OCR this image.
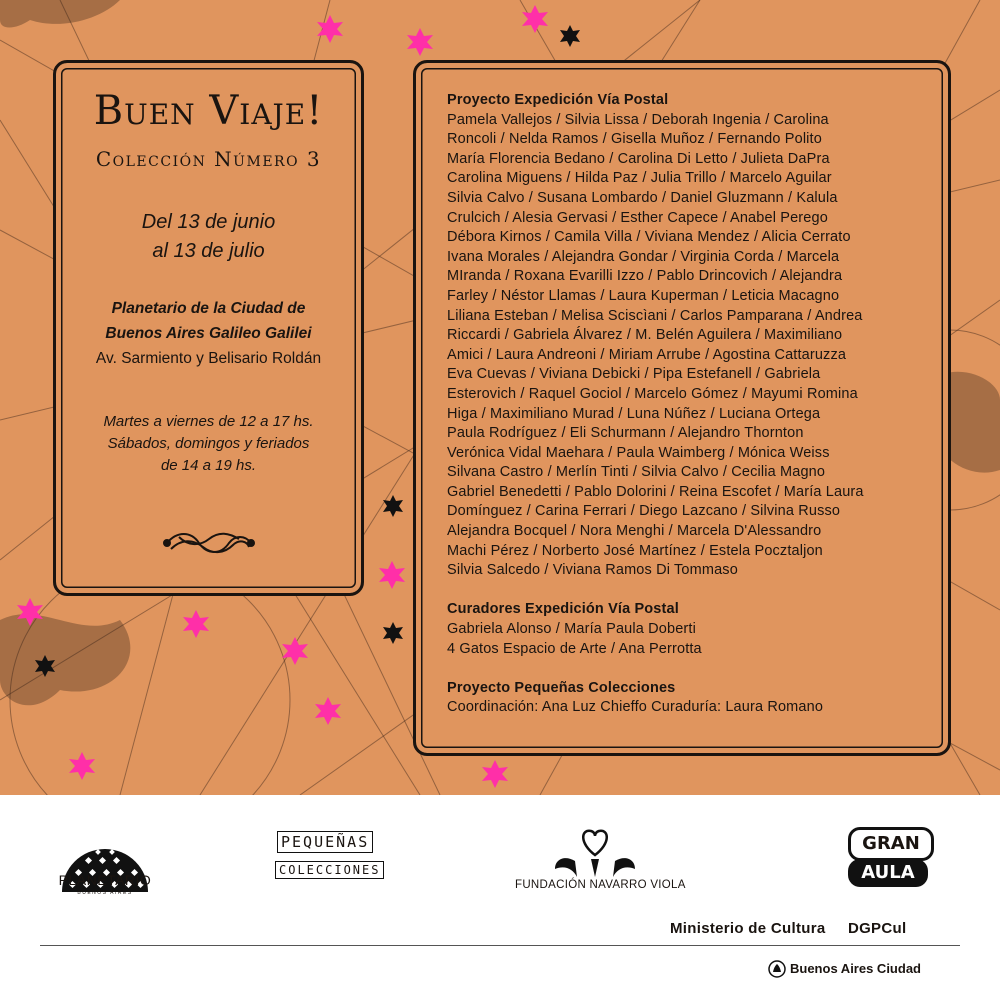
Buen Viaje!
Colección Número 3
Del 13 de junio
al 13 de julio
Planetario de la Ciudad de
Buenos Aires Galileo Galilei
Av. Sarmiento y Belisario Roldán
Martes a viernes de 12 a 17 hs.
Sábados, domingos y feriados
de 14 a 19 hs.
Proyecto Expedición Vía Postal
Pamela Vallejos / Silvia Lissa / Deborah Ingenia / Carolina
Roncoli / Nelda Ramos / Gisella Muñoz / Fernando Polito
María Florencia Bedano / Carolina Di Letto / Julieta DaPra
Carolina Miguens / Hilda Paz / Julia Trillo / Marcelo Aguilar
Silvia Calvo / Susana Lombardo / Daniel Gluzmann / Kalula
Crulcich / Alesia Gervasi / Esther Capece / Anabel Perego
Débora Kirnos / Camila Villa / Viviana Mendez / Alicia Cerrato
Ivana Morales / Alejandra Gondar / Virginia Corda / Marcela
MIranda / Roxana Evarilli Izzo / Pablo Drincovich / Alejandra
Farley / Néstor Llamas / Laura Kuperman / Leticia Macagno
Liliana Esteban / Melisa Sciscìani / Carlos Pamparana / Andrea
Riccardi / Gabriela Álvarez / M. Belén Aguilera / Maximiliano
Amici / Laura Andreoni / Miriam Arrube / Agostina Cattaruzza
Eva Cuevas / Viviana Debicki / Pipa Estefanell / Gabriela
Esterovich / Raquel Gociol / Marcelo Gómez / Mayumi Romina
Higa / Maximiliano Murad / Luna Núñez / Luciana Ortega
Paula Rodríguez / Eli Schurmann / Alejandro Thornton
Verónica Vidal Maehara / Paula Waimberg / Mónica Weiss
Silvana Castro / Merlín Tinti / Silvia Calvo / Cecilia Magno
Gabriel Benedetti / Pablo Dolorini / Reina Escofet / María Laura
Domínguez / Carina Ferrari / Diego Lazcano / Silvina Russo
Alejandra Bocquel / Nora Menghi / Marcela D'Alessandro
Machi Pérez / Norberto José Martínez / Estela Pocztaljon
Silvia Salcedo / Viviana Ramos Di Tommaso
Curadores Expedición Vía Postal
Gabriela Alonso / María Paula Doberti
4 Gatos Espacio de Arte / Ana Perrotta
Proyecto Pequeñas Colecciones
Coordinación: Ana Luz Chieffo Curaduría: Laura Romano
PLANETARIO
BUENOS AIRES
PEQUEÑAS
COLECCIONES
FUNDACIÓN NAVARRO VIOLA
GRAN
AULA
Ministerio de Cultura DGPCul
Buenos Aires Ciudad
